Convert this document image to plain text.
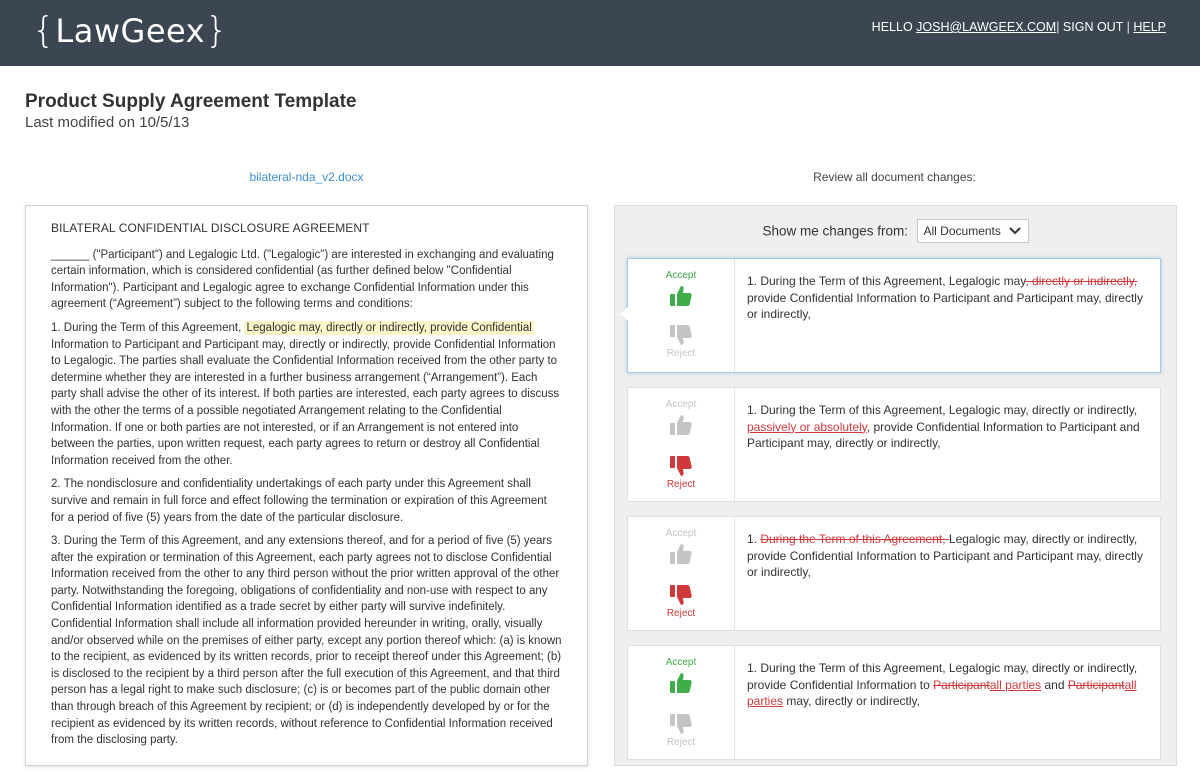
{LawGeex}	HELLO JOSH@LAWGEEX.COM| SIGN OUT | HELP
Product Supply Agreement Template
Last modified on 10/5/13
bilateral-nda_v2.docx	Review all document changes:
BILATERAL CONFIDENTIAL DISCLOSURE AGREEMENT

______ ("Participant") and Legalogic Ltd. ("Legalogic") are interested in exchanging and evaluating certain information, which is considered confidential (as further defined below "Confidential Information"). Participant and Legalogic agree to exchange Confidential Information under this agreement (“Agreement”) subject to the following terms and conditions:

1. During the Term of this Agreement, Legalogic may, directly or indirectly, provide Confidential Information to Participant and Participant may, directly or indirectly, provide Confidential Information to Legalogic. The parties shall evaluate the Confidential Information received from the other party to determine whether they are interested in a further business arrangement (“Arrangement”). Each party shall advise the other of its interest. If both parties are interested, each party agrees to discuss with the other the terms of a possible negotiated Arrangement relating to the Confidential Information. If one or both parties are not interested, or if an Arrangement is not entered into between the parties, upon written request, each party agrees to return or destroy all Confidential Information received from the other.

2. The nondisclosure and confidentiality undertakings of each party under this Agreement shall survive and remain in full force and effect following the termination or expiration of this Agreement for a period of five (5) years from the date of the particular disclosure.

3. During the Term of this Agreement, and any extensions thereof, and for a period of five (5) years after the expiration or termination of this Agreement, each party agrees not to disclose Confidential Information received from the other to any third person without the prior written approval of the other party. Notwithstanding the foregoing, obligations of confidentiality and non-use with respect to any Confidential Information identified as a trade secret by either party will survive indefinitely. Confidential Information shall include all information provided hereunder in writing, orally, visually and/or observed while on the premises of either party, except any portion thereof which: (a) is known to the recipient, as evidenced by its written records, prior to receipt thereof under this Agreement; (b) is disclosed to the recipient by a third person after the full execution of this Agreement, and that third person has a legal right to make such disclosure; (c) is or becomes part of the public domain other than through breach of this Agreement by recipient; or (d) is independently developed by or for the recipient as evidenced by its written records, without reference to Confidential Information received from the disclosing party.

Show me changes from: All Documents
Accept
Reject
1. During the Term of this Agreement, Legalogic may, directly or indirectly, provide Confidential Information to Participant and Participant may, directly or indirectly,
Accept
Reject
1. During the Term of this Agreement, Legalogic may, directly or indirectly,
passively or absolutely, provide Confidential Information to Participant and Participant may, directly or indirectly,
Accept
Reject
1. During the Term of this Agreement, Legalogic may, directly or indirectly, provide Confidential Information to Participant and Participant may, directly or indirectly,
Accept
Reject
1. During the Term of this Agreement, Legalogic may, directly or indirectly, provide Confidential Information to Participantall parties and Participantall parties may, directly or indirectly,
